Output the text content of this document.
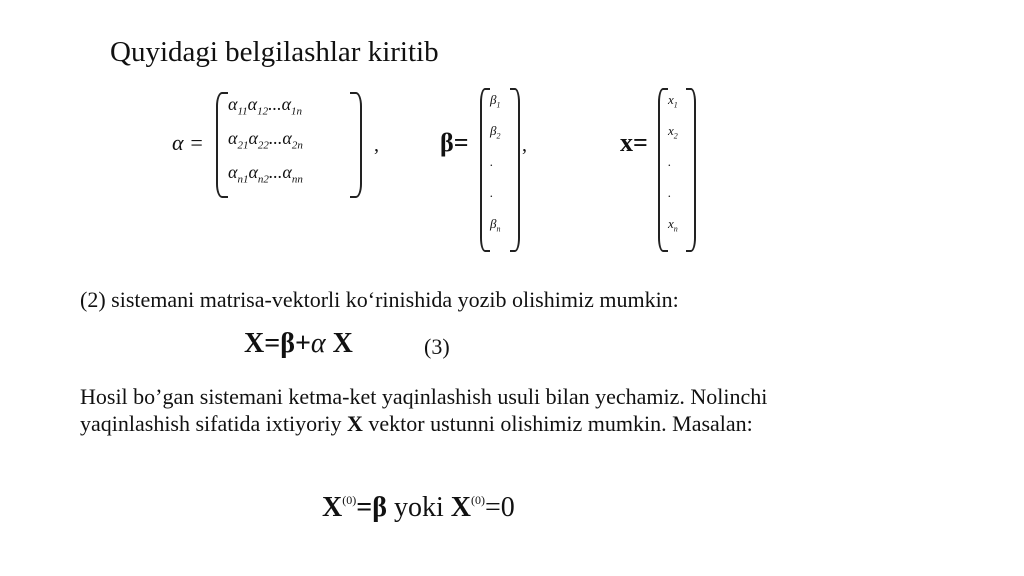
Quyidagi belgilashlar kiritib
α =
$\alpha_{11}\alpha_{12}...\alpha_{1n}$
$\alpha_{21}\alpha_{22}...\alpha_{2n}$
$\alpha_{n1}\alpha_{n2}...\alpha_{nn}$
, β=
$\beta_1$
$\beta_2$
.
.
$\beta_n$
,	x=
$x_1$
$x_2$
.
.
$x_n$
(2) sistemani matrisa-vektorli ko‘rinishida yozib olishimiz mumkin:
X=β+α X	(3)
Hosil bo’gan sistemani ketma-ket yaqinlashish usuli bilan yechamiz. Nolinchi
yaqinlashish sifatida ixtiyoriy X vektor ustunni olishimiz mumkin. Masalan:
$X^{(0)}=\beta$ yoki $X^{(0)}=0$
